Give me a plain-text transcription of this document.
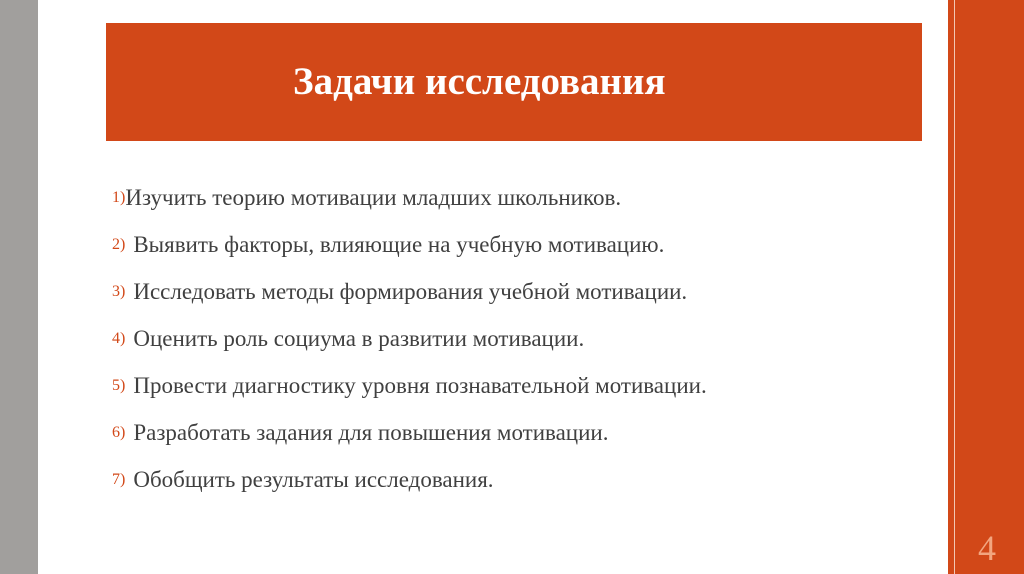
Задачи исследования
1) Изучить теорию мотивации младших школьников.
2) Выявить факторы, влияющие на учебную мотивацию.
3) Исследовать методы формирования учебной мотивации.
4) Оценить роль социума в развитии мотивации.
5) Провести диагностику уровня познавательной мотивации.
6) Разработать задания для повышения мотивации.
7) Обобщить результаты исследования.

4
